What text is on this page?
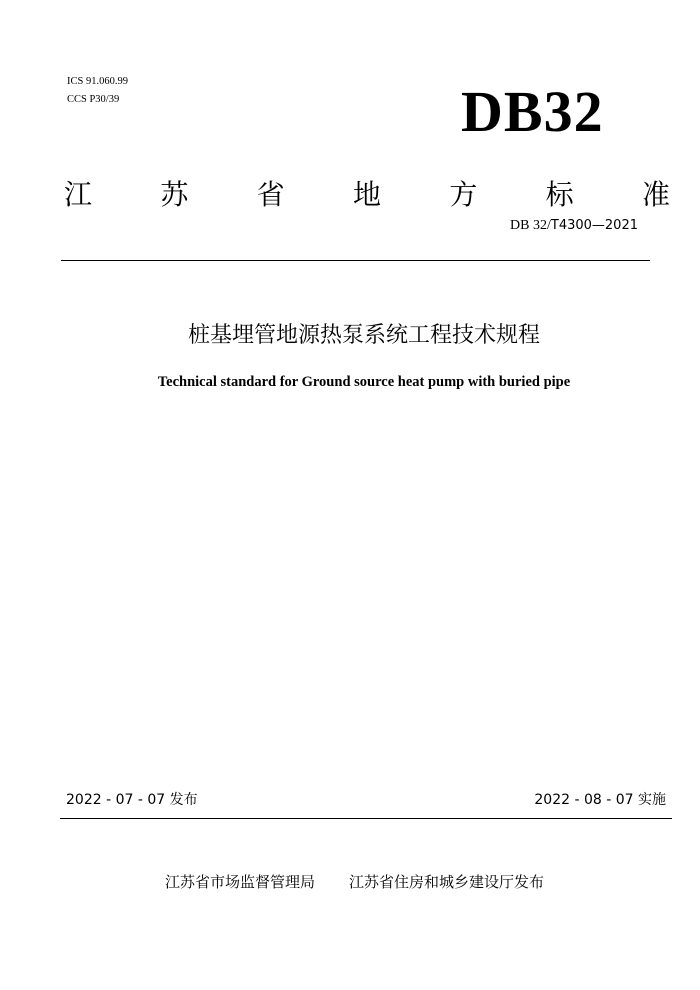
ICS 91.060.99
CCS P30/39	DB32
江 苏 省 地 方 标 准
DB 32/T4300—2021
桩基埋管地源热泵系统工程技术规程
Technical standard for Ground source heat pump with buried pipe
2022 - 07 - 07 发布	2022 - 08 - 07 实施
江苏省市场监督管理局 江苏省住房和城乡建设厅发布
